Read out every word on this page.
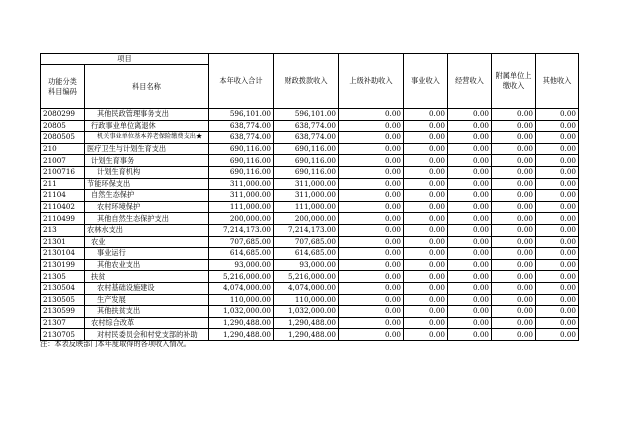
项目		本年收入合计	财政拨款收入	上级补助收入	事业收入	经营收入	附属单位上缴收入	其他收入
功能分类
科目编码	科目名称							
2080299	其他民政管理事务支出	596,101.00	596,101.00	0.00	0.00	0.00	0.00	0.00
20805	行政事业单位离退休	638,774.00	638,774.00	0.00	0.00	0.00	0.00	0.00
2080505	机关事业单位基本养老保险缴费支出★	638,774.00	638,774.00	0.00	0.00	0.00	0.00	0.00
210	医疗卫生与计划生育支出	690,116.00	690,116.00	0.00	0.00	0.00	0.00	0.00
21007	计划生育事务	690,116.00	690,116.00	0.00	0.00	0.00	0.00	0.00
2100716	计划生育机构	690,116.00	690,116.00	0.00	0.00	0.00	0.00	0.00
211	节能环保支出	311,000.00	311,000.00	0.00	0.00	0.00	0.00	0.00
21104	自然生态保护	311,000.00	311,000.00	0.00	0.00	0.00	0.00	0.00
2110402	农村环境保护	111,000.00	111,000.00	0.00	0.00	0.00	0.00	0.00
2110499	其他自然生态保护支出	200,000.00	200,000.00	0.00	0.00	0.00	0.00	0.00
213	农林水支出	7,214,173.00	7,214,173.00	0.00	0.00	0.00	0.00	0.00
21301	农业	707,685.00	707,685.00	0.00	0.00	0.00	0.00	0.00
2130104	事业运行	614,685.00	614,685.00	0.00	0.00	0.00	0.00	0.00
2130199	其他农业支出	93,000.00	93,000.00	0.00	0.00	0.00	0.00	0.00
21305	扶贫	5,216,000.00	5,216,000.00	0.00	0.00	0.00	0.00	0.00
2130504	农村基础设施建设	4,074,000.00	4,074,000.00	0.00	0.00	0.00	0.00	0.00
2130505	生产发展	110,000.00	110,000.00	0.00	0.00	0.00	0.00	0.00
2130599	其他扶贫支出	1,032,000.00	1,032,000.00	0.00	0.00	0.00	0.00	0.00
21307	农村综合改革	1,290,488.00	1,290,488.00	0.00	0.00	0.00	0.00	0.00
2130705	对村民委员会和村党支部的补助	1,290,488.00	1,290,488.00	0.00	0.00	0.00	0.00	0.00
注：本表反映部门本年度取得的各项收入情况。
